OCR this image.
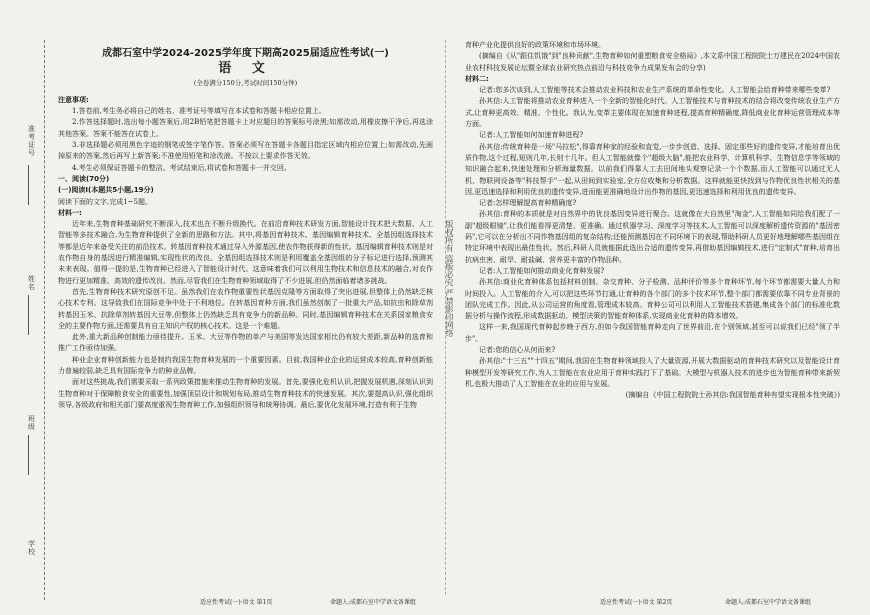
准考证号
姓名
班级
学校
成都石室中学2024-2025学年度下期高2025届适应性考试(一)
语 文
(全卷满分150分,考试时间150分钟)

注意事项:

1.答卷前,考生务必将自己的姓名、准考证号等填写在本试卷和答题卡相应位置上。

2.作答选择题时,选出每小题答案后,用2B铅笔把答题卡上对应题目的答案标号涂黑;如需改动,用橡皮擦干净后,再选涂其他答案。答案不能答在试卷上。

3.非选择题必须用黑色字迹的钢笔或签字笔作答。答案必须写在答题卡各题目指定区域内相应位置上;如需改动,先画掉原来的答案,然后再写上新答案;不准使用铅笔和涂改液。不按以上要求作答无效。

4.考生必须保证答题卡的整洁。考试结束后,将试卷和答题卡一并交回。

一、阅读(70分)

(一)阅读I(本题共5小题,19分)

阅读下面的文字,完成1~5题。

材料一:

近年来,生物育种基础研究不断深入,技术也在不断升级换代。在前沿育种技术研发方面,智能设计技术把大数据、人工智能等多技术融合,为生物育种提供了全新的思路和方法。其中,将基因育种技术、基因编辑育种技术、全基因组选择技术等都是近年来备受关注的前沿技术。转基因育种技术通过导入外源基因,使农作物获得新的性状。基因编辑育种技术则是对农作物自身的基因进行精准编辑,实现性状的改良。全基因组选择技术则是利用覆盖全基因组的分子标记进行选择,预测其未来表现。值得一提的是,生物育种已经进入了智能设计时代。这意味着我们可以利用生物技术和信息技术的融合,对农作物进行更加精准、高效的遗传改良。然而,尽管我们在生物育种领域取得了不少进展,但仍然面临着诸多挑战。

首先,生物育种技术研究原创不足。虽然我们在农作物重要性状基因克隆等方面取得了突出进展,但整体上仍然缺乏核心技术专利。这导致我们在国际竞争中处于不利地位。在转基因育种方面,我们虽然创制了一批重大产品,如抗虫和除草剂转基因玉米、抗除草剂转基因大豆等,但整体上仍然缺乏具有竞争力的新品种。同时,基因编辑育种技术在关系国家粮食安全的主要作物方面,还需要具有自主知识产权的核心技术。这是一个难题。

此外,重大新品种创制能力亟待提升。玉米、大豆等作物的单产与美国等发达国家相比仍有较大差距,新品种的选育和推广工作亟待加强。

种业企业育种创新能力也是制约我国生物育种发展的一个重要因素。目前,我国种业企业的运营成本较高,育种创新能力普遍较弱,缺乏具有国际竞争力的种业品牌。

面对这些挑战,我们需要采取一系列政策措施来推动生物育种的发展。首先,要强化危机认识,把握发展机遇,深刻认识到生物育种对于保障粮食安全的重要性,加强顶层设计和规划布局,推动生物育种技术的快速发展。其次,要提高认识,强化组织领导,各级政府和相关部门要高度重视生物育种工作,加强组织领导和统筹协调。最后,要优化发展环境,打造有利于生物

版权所有 盗版必究 严禁影印网络

育种产业化提供良好的政策环境和市场环境。

(摘编自《从"跟住饥饿"到"良种贡献",生物育种如何重塑粮食安全格局》,本文系中国工程院院士万建民在2024中国农业农村科技发展论坛暨全球农业研究热点前沿与科技竞争力成果发布会的分享)

材料二:

记者:您多次谈到,人工智能等技术会推动农业科技和农业生产系统的革命性变化。人工智能会给育种带来哪些变革?

孙其信:人工智能将推动农业育种进入一个全新的智能化时代。人工智能技术与育种技术的结合将改变传统农业生产方式,让育种更高效、精准、个性化。我认为,变革主要体现在加速育种进程,提高育种精确度,降低商业化育种运营管理成本等方面。

记者:人工智能如何加速育种进程?

孙其信:传统育种是一场"马拉松",得靠育种家的经验和直觉,一步步创造、选择、固定那些好的遗传变异,才能培育出优质作物,这个过程,短则几年,长则十几年。但人工智能就像个"超级大脑",能把农业科学、计算机科学、生物信息学等领域的知识融合起来,快速处理和分析海量数据。以前我们得靠人工去田间地头观察记录一个个数据,而人工智能可以通过无人机、物联网设备等"科技帮手"一起,从田间到实验室,全方位收集和分析数据。这样就能更快找到与作物优良性状相关的基因,更迅速选择和利用优良的遗传变异,进而能更准确地设计出作物的基因,更迅速选择和利用优良的遗传变异。

记者:怎样理解提高育种精确度?

孙其信:育种的本质就是对自然界中的优良基因变异进行聚合。这就像在大自然里"淘金",人工智能如同给我们配了一副"超级眼镜",让我们能看得更清楚、更准确。通过机器学习、深度学习等技术,人工智能可以深度解析遗传资源的"基因密码",它可以在分析出不同作物基因组的复杂结构;还能预测基因在不同环境下的表现,帮助科研人员更好地理解哪些基因组在特定环境中表现出最佳性状。然后,科研人员就能据此选出合适的遗传变异,再借助基因编辑技术,进行"定制式"育种,培育出抗病虫害、耐旱、耐盐碱、营养更丰富的作物品种。

记者:人工智能如何推动商业化育种发展?

孙其信:商业化育种体系包括材料创制、杂交育种、分子检测、品种评价等多个育种环节,每个环节都需要大量人力和时间投入。人工智能的介入,可以把这些环节打通,让育种的各个部门的多个技术环节,整个部门都需要依靠不同专业背景的团队完成工作。因此,从公司运营的角度看,管理成本较高。育种公司可以利用人工智能技术搭建,集成各个部门的标准化数据分析与操作流程,形成数据驱动、模型决策的智能育种体系,实现商业化育种的降本增效。

这样一来,我国现代育种起步晚于西方,但如今我国智能育种走向了世界前沿,在个别领域,甚至可以说我们已经"领了半步"。

记者:您的信心从何而来?

孙其信:"十三五""十四五"期间,我国在生物育种领域投入了大量资源,开展大数据驱动的育种技术研究以及智能设计育种模型开发等研究工作,为人工智能在农业应用于育种实践打下了基础。大模型与机器人技术的进步也为智能育种带来新契机,也极大推动了人工智能在农业的应用与发展。

(摘编自《中国工程院院士孙其信:我国智能育种有望实现根本性突破》)

适应性考试(一)·语文 第1页	命题人:成都石室中学语文备课组	适应性考试(一)·语文 第2页	命题人:成都石室中学语文备课组
